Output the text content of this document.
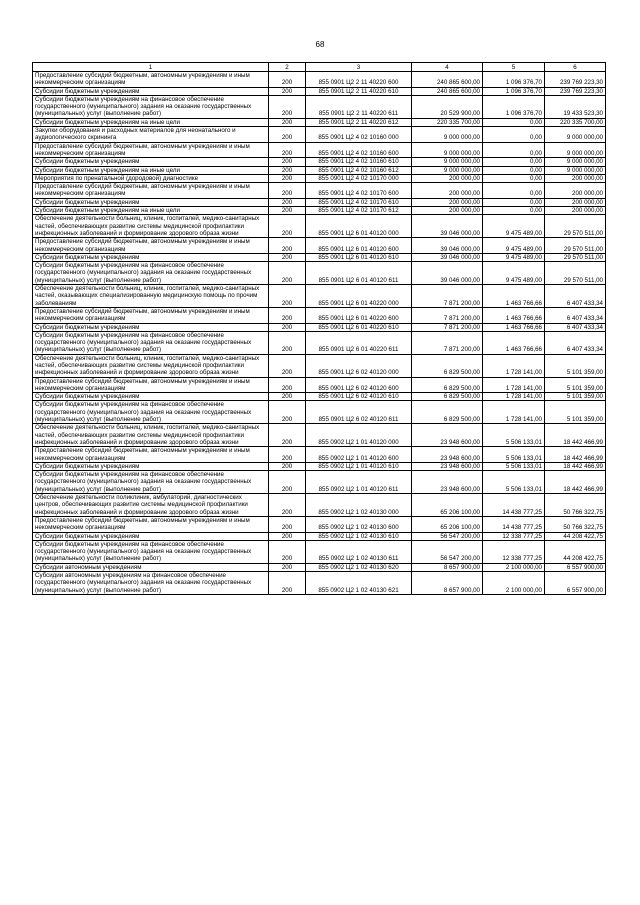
68
1	2	3	4	5	6
Предоставление субсидий бюджетным, автономным учреждениям и иным некоммерческим организациям	200	855 0901 Ц2 2 11 40220 600	240 865 600,00	1 096 376,70	239 769 223,30
Субсидии бюджетным учреждениям	200	855 0901 Ц2 2 11 40220 610	240 865 600,00	1 096 376,70	239 769 223,30
Субсидии бюджетным учреждениям на финансовое обеспечение государственного (муниципального) задания на оказание государственных (муниципальных) услуг (выполнение работ)	200	855 0901 Ц2 2 11 40220 611	20 529 900,00	1 096 376,70	19 433 523,30
Субсидии бюджетным учреждениям на иные цели	200	855 0901 Ц2 2 11 40220 612	220 335 700,00	0,00	220 335 700,00
Закупки оборудования и расходных материалов для неонатального и аудиологического скрининга	200	855 0901 Ц2 4 02 10160 000	9 000 000,00	0,00	9 000 000,00
Предоставление субсидий бюджетным, автономным учреждениям и иным некоммерческим организациям	200	855 0901 Ц2 4 02 10160 600	9 000 000,00	0,00	9 000 000,00
Субсидии бюджетным учреждениям	200	855 0901 Ц2 4 02 10160 610	9 000 000,00	0,00	9 000 000,00
Субсидии бюджетным учреждениям на иные цели	200	855 0901 Ц2 4 02 10160 612	9 000 000,00	0,00	9 000 000,00
Мероприятия по пренатальной (дородовой) диагностике	200	855 0901 Ц2 4 02 10170 000	200 000,00	0,00	200 000,00
Предоставление субсидий бюджетным, автономным учреждениям и иным некоммерческим организациям	200	855 0901 Ц2 4 02 10170 600	200 000,00	0,00	200 000,00
Субсидии бюджетным учреждениям	200	855 0901 Ц2 4 02 10170 610	200 000,00	0,00	200 000,00
Субсидии бюджетным учреждениям на иные цели	200	855 0901 Ц2 4 02 10170 612	200 000,00	0,00	200 000,00
Обеспечение деятельности больниц, клиник, госпиталей, медико-санитарных частей, обеспечивающих развитие системы медицинской профилактики инфекционных заболеваний и формирование здорового образа жизни	200	855 0901 Ц2 6 01 40120 000	39 046 000,00	9 475 489,00	29 570 511,00
Предоставление субсидий бюджетным, автономным учреждениям и иным некоммерческим организациям	200	855 0901 Ц2 6 01 40120 600	39 046 000,00	9 475 489,00	29 570 511,00
Субсидии бюджетным учреждениям	200	855 0901 Ц2 6 01 40120 610	39 046 000,00	9 475 489,00	29 570 511,00
Субсидии бюджетным учреждениям на финансовое обеспечение государственного (муниципального) задания на оказание государственных (муниципальных) услуг (выполнение работ)	200	855 0901 Ц2 6 01 40120 611	39 046 000,00	9 475 489,00	29 570 511,00
Обеспечение деятельности больниц, клиник, госпиталей, медико-санитарных частей, оказывающих специализированную медицинскую помощь по прочим заболеваниям	200	855 0901 Ц2 6 01 40220 000	7 871 200,00	1 463 766,66	6 407 433,34
Предоставление субсидий бюджетным, автономным учреждениям и иным некоммерческим организациям	200	855 0901 Ц2 6 01 40220 600	7 871 200,00	1 463 766,66	6 407 433,34
Субсидии бюджетным учреждениям	200	855 0901 Ц2 6 01 40220 610	7 871 200,00	1 463 766,66	6 407 433,34
Субсидии бюджетным учреждениям на финансовое обеспечение государственного (муниципального) задания на оказание государственных (муниципальных) услуг (выполнение работ)	200	855 0901 Ц2 6 01 40220 611	7 871 200,00	1 463 766,66	6 407 433,34
Обеспечение деятельности больниц, клиник, госпиталей, медико-санитарных частей, обеспечивающих развитие системы медицинской профилактики инфекционных заболеваний и формирование здорового образа жизни	200	855 0901 Ц2 6 02 40120 000	6 829 500,00	1 728 141,00	5 101 359,00
Предоставление субсидий бюджетным, автономным учреждениям и иным некоммерческим организациям	200	855 0901 Ц2 6 02 40120 600	6 829 500,00	1 728 141,00	5 101 359,00
Субсидии бюджетным учреждениям	200	855 0901 Ц2 6 02 40120 610	6 829 500,00	1 728 141,00	5 101 359,00
Субсидии бюджетным учреждениям на финансовое обеспечение государственного (муниципального) задания на оказание государственных (муниципальных) услуг (выполнение работ)	200	855 0901 Ц2 6 02 40120 611	6 829 500,00	1 728 141,00	5 101 359,00
Обеспечение деятельности больниц, клиник, госпиталей, медико-санитарных частей, обеспечивающих развитие системы медицинской профилактики инфекционных заболеваний и формирование здорового образа жизни	200	855 0902 Ц2 1 01 40120 000	23 948 600,00	5 506 133,01	18 442 466,99
Предоставление субсидий бюджетным, автономным учреждениям и иным некоммерческим организациям	200	855 0902 Ц2 1 01 40120 600	23 948 600,00	5 506 133,01	18 442 466,99
Субсидии бюджетным учреждениям	200	855 0902 Ц2 1 01 40120 610	23 948 600,00	5 506 133,01	18 442 466,99
Субсидии бюджетным учреждениям на финансовое обеспечение государственного (муниципального) задания на оказание государственных (муниципальных) услуг (выполнение работ)	200	855 0902 Ц2 1 01 40120 611	23 948 600,00	5 506 133,01	18 442 466,99
Обеспечение деятельности поликлиник, амбулаторий, диагностических центров, обеспечивающих развитие системы медицинской профилактики инфекционных заболеваний и формирование здорового образа жизни	200	855 0902 Ц2 1 02 40130 000	65 206 100,00	14 438 777,25	50 766 322,75
Предоставление субсидий бюджетным, автономным учреждениям и иным некоммерческим организациям	200	855 0902 Ц2 1 02 40130 600	65 206 100,00	14 438 777,25	50 766 322,75
Субсидии бюджетным учреждениям	200	855 0902 Ц2 1 02 40130 610	56 547 200,00	12 338 777,25	44 208 422,75
Субсидии бюджетным учреждениям на финансовое обеспечение государственного (муниципального) задания на оказание государственных (муниципальных) услуг (выполнение работ)	200	855 0902 Ц2 1 02 40130 611	56 547 200,00	12 338 777,25	44 208 422,75
Субсидии автономным учреждениям	200	855 0902 Ц2 1 02 40130 620	8 657 900,00	2 100 000,00	6 557 900,00
Субсидии автономным учреждениям на финансовое обеспечение государственного (муниципального) задания на оказание государственных (муниципальных) услуг (выполнение работ)	200	855 0902 Ц2 1 02 40130 621	8 657 900,00	2 100 000,00	6 557 900,00
